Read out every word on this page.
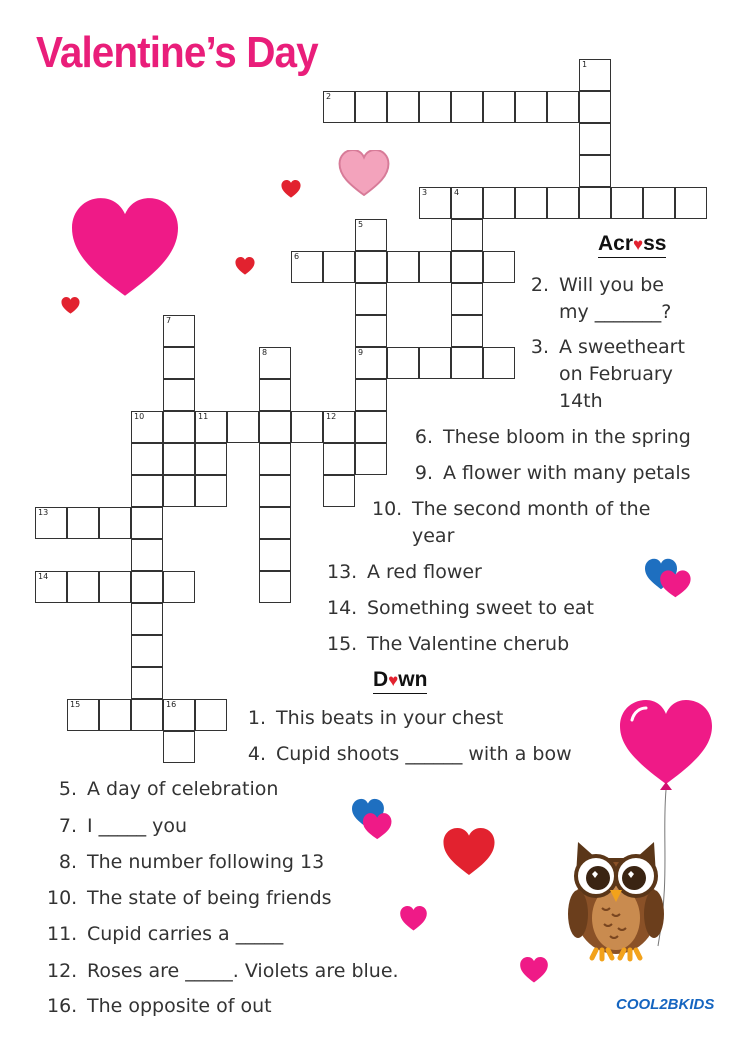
Valentine’s Day
2
1
3	4
6
5
9
7
8
10	11	12
13
14
15	16
COOL2BKIDS
Acr♥ss
2. Will you be
my _______?
3. A sweetheart
on February
14th
6. These bloom in the spring
9. A flower with many petals
10. The second month of the
year
13. A red flower
14. Something sweet to eat
15. The Valentine cherub
D♥wn
1. This beats in your chest
4. Cupid shoots ______ with a bow
5. A day of celebration
7. I _____ you
8. The number following 13
10. The state of being friends
11. Cupid carries a _____
12. Roses are _____. Violets are blue.
16. The opposite of out
